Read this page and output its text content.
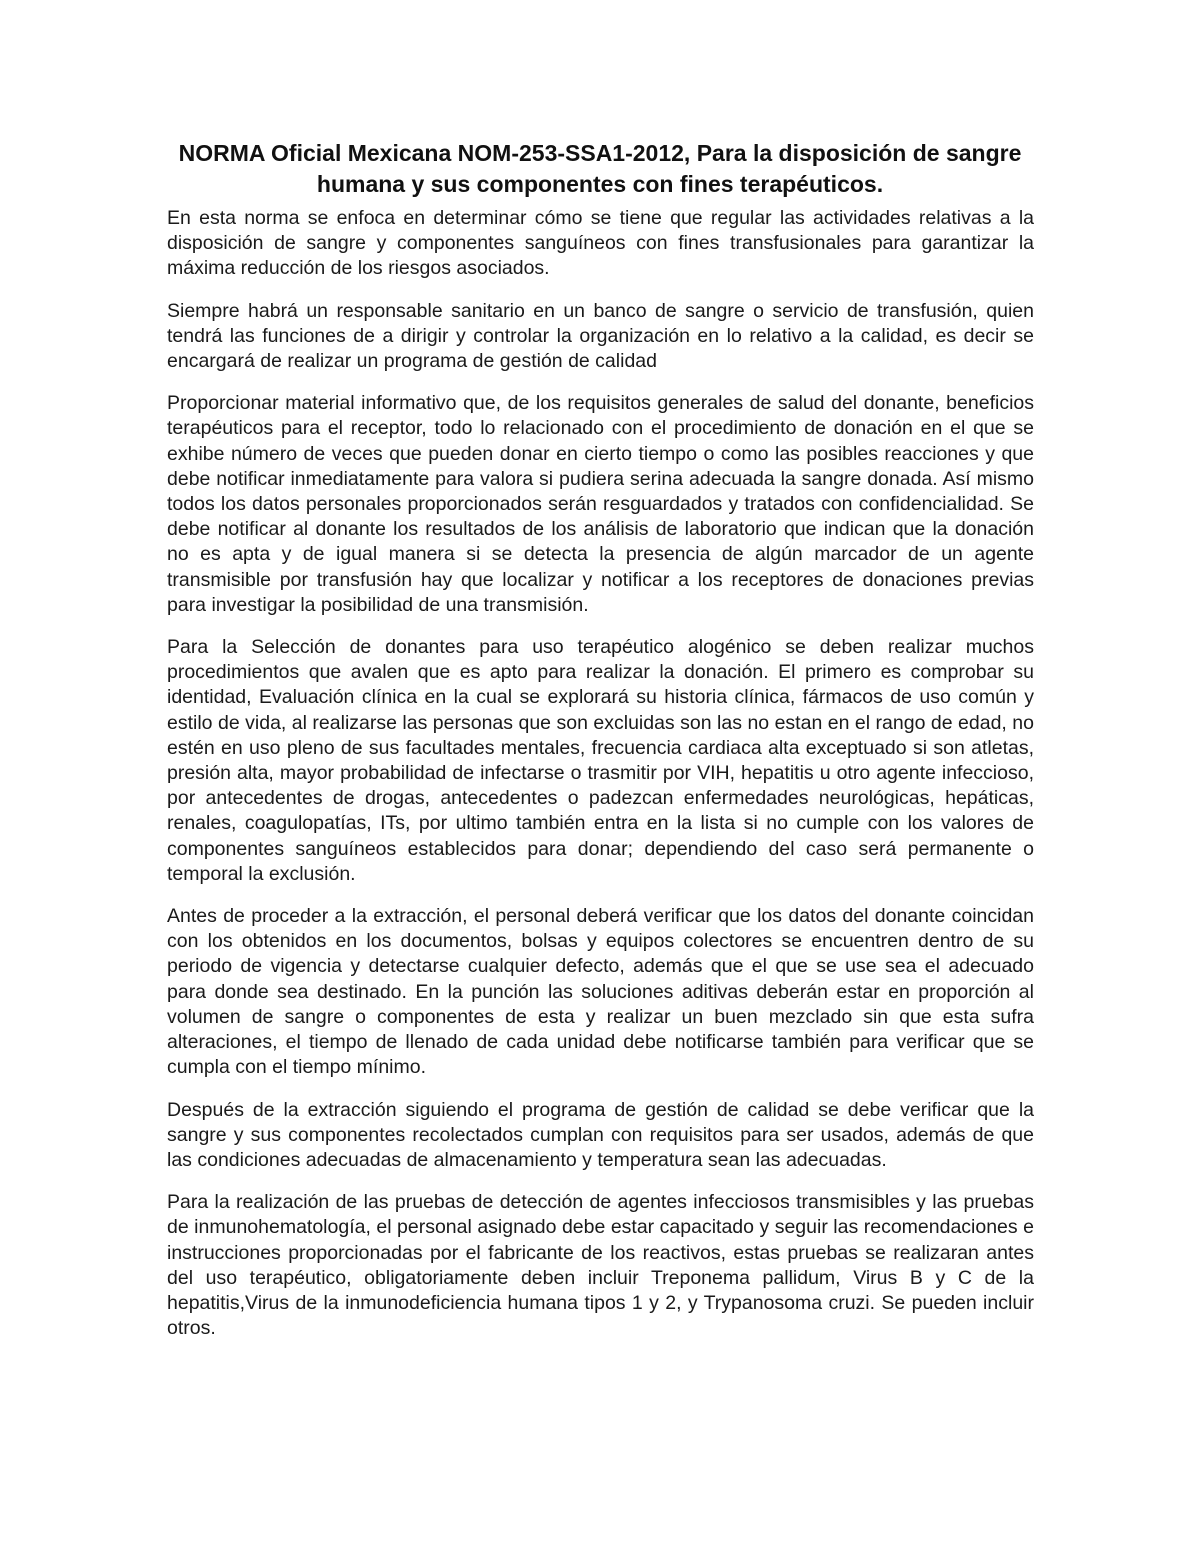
NORMA Oficial Mexicana NOM-253-SSA1-2012, Para la disposición de sangre humana y sus componentes con fines terapéuticos.

En esta norma se enfoca en determinar cómo se tiene que regular las actividades relativas a la disposición de sangre y componentes sanguíneos con fines transfusionales para garantizar la máxima reducción de los riesgos asociados.

Siempre habrá un responsable sanitario en un banco de sangre o servicio de transfusión, quien tendrá las funciones de a dirigir y controlar la organización en lo relativo a la calidad, es decir se encargará de realizar un programa de gestión de calidad

Proporcionar material informativo que, de los requisitos generales de salud del donante, beneficios terapéuticos para el receptor, todo lo relacionado con el procedimiento de donación en el que se exhibe número de veces que pueden donar en cierto tiempo o como las posibles reacciones y que debe notificar inmediatamente para valora si pudiera serina adecuada la sangre donada. Así mismo todos los datos personales proporcionados serán resguardados y tratados con confidencialidad. Se debe notificar al donante los resultados de los análisis de laboratorio que indican que la donación no es apta y de igual manera si se detecta la presencia de algún marcador de un agente transmisible por transfusión hay que localizar y notificar a los receptores de donaciones previas para investigar la posibilidad de una transmisión.

Para la Selección de donantes para uso terapéutico alogénico se deben realizar muchos procedimientos que avalen que es apto para realizar la donación. El primero es comprobar su identidad, Evaluación clínica en la cual se explorará su historia clínica, fármacos de uso común y estilo de vida, al realizarse las personas que son excluidas son las no estan en el rango de edad, no estén en uso pleno de sus facultades mentales, frecuencia cardiaca alta exceptuado si son atletas, presión alta, mayor probabilidad de infectarse o trasmitir por VIH, hepatitis u otro agente infeccioso, por antecedentes de drogas, antecedentes o padezcan enfermedades neurológicas, hepáticas, renales, coagulopatías, ITs, por ultimo también entra en la lista si no cumple con los valores de componentes sanguíneos establecidos para donar; dependiendo del caso será permanente o temporal la exclusión.

Antes de proceder a la extracción, el personal deberá verificar que los datos del donante coincidan con los obtenidos en los documentos, bolsas y equipos colectores se encuentren dentro de su periodo de vigencia y detectarse cualquier defecto, además que el que se use sea el adecuado para donde sea destinado. En la punción las soluciones aditivas deberán estar en proporción al volumen de sangre o componentes de esta y realizar un buen mezclado sin que esta sufra alteraciones, el tiempo de llenado de cada unidad debe notificarse también para verificar que se cumpla con el tiempo mínimo.

Después de la extracción siguiendo el programa de gestión de calidad se debe verificar que la sangre y sus componentes recolectados cumplan con requisitos para ser usados, además de que las condiciones adecuadas de almacenamiento y temperatura sean las adecuadas.

Para la realización de las pruebas de detección de agentes infecciosos transmisibles y las pruebas de inmunohematología, el personal asignado debe estar capacitado y seguir las recomendaciones e instrucciones proporcionadas por el fabricante de los reactivos, estas pruebas se realizaran antes del uso terapéutico, obligatoriamente deben incluir Treponema pallidum, Virus B y C de la hepatitis,Virus de la inmunodeficiencia humana tipos 1 y 2, y Trypanosoma cruzi. Se pueden incluir otros.
